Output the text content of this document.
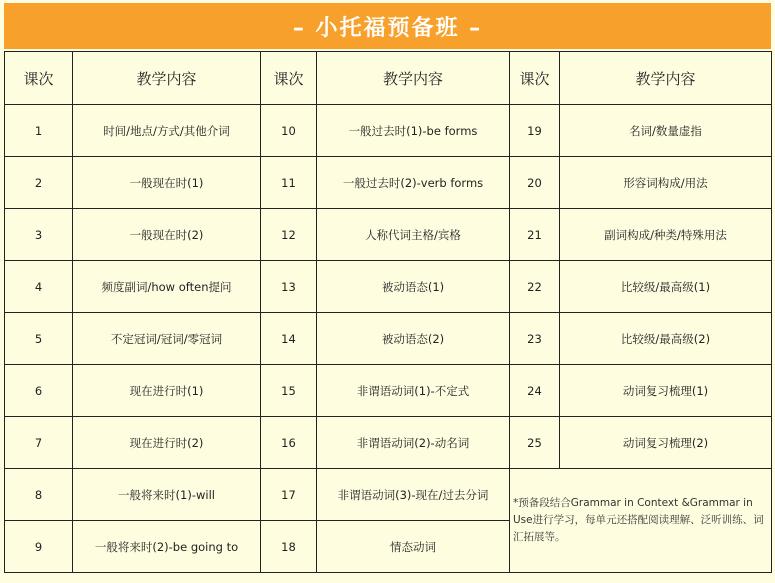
– 小托福预备班 –
课次	教学内容	课次	教学内容	课次	教学内容
1	时间/地点/方式/其他介词	10	一般过去时(1)-be forms	19	名词/数量虚指
2	一般现在时(1)	11	一般过去时(2)-verb forms	20	形容词构成/用法
3	一般现在时(2)	12	人称代词主格/宾格	21	副词构成/种类/特殊用法
4	频度副词/how often提问	13	被动语态(1)	22	比较级/最高级(1)
5	不定冠词/冠词/零冠词	14	被动语态(2)	23	比较级/最高级(2)
6	现在进行时(1)	15	非谓语动词(1)-不定式	24	动词复习梳理(1)
7	现在进行时(2)	16	非谓语动词(2)-动名词	25	动词复习梳理(2)
8	一般将来时(1)-will	17	非谓语动词(3)-现在/过去分词	*预备段结合Grammar in Context &Grammar in Use进行学习，每单元还搭配阅读理解、泛听训练、词汇拓展等。	
9	一般将来时(2)-be going to	18	情态动词		
